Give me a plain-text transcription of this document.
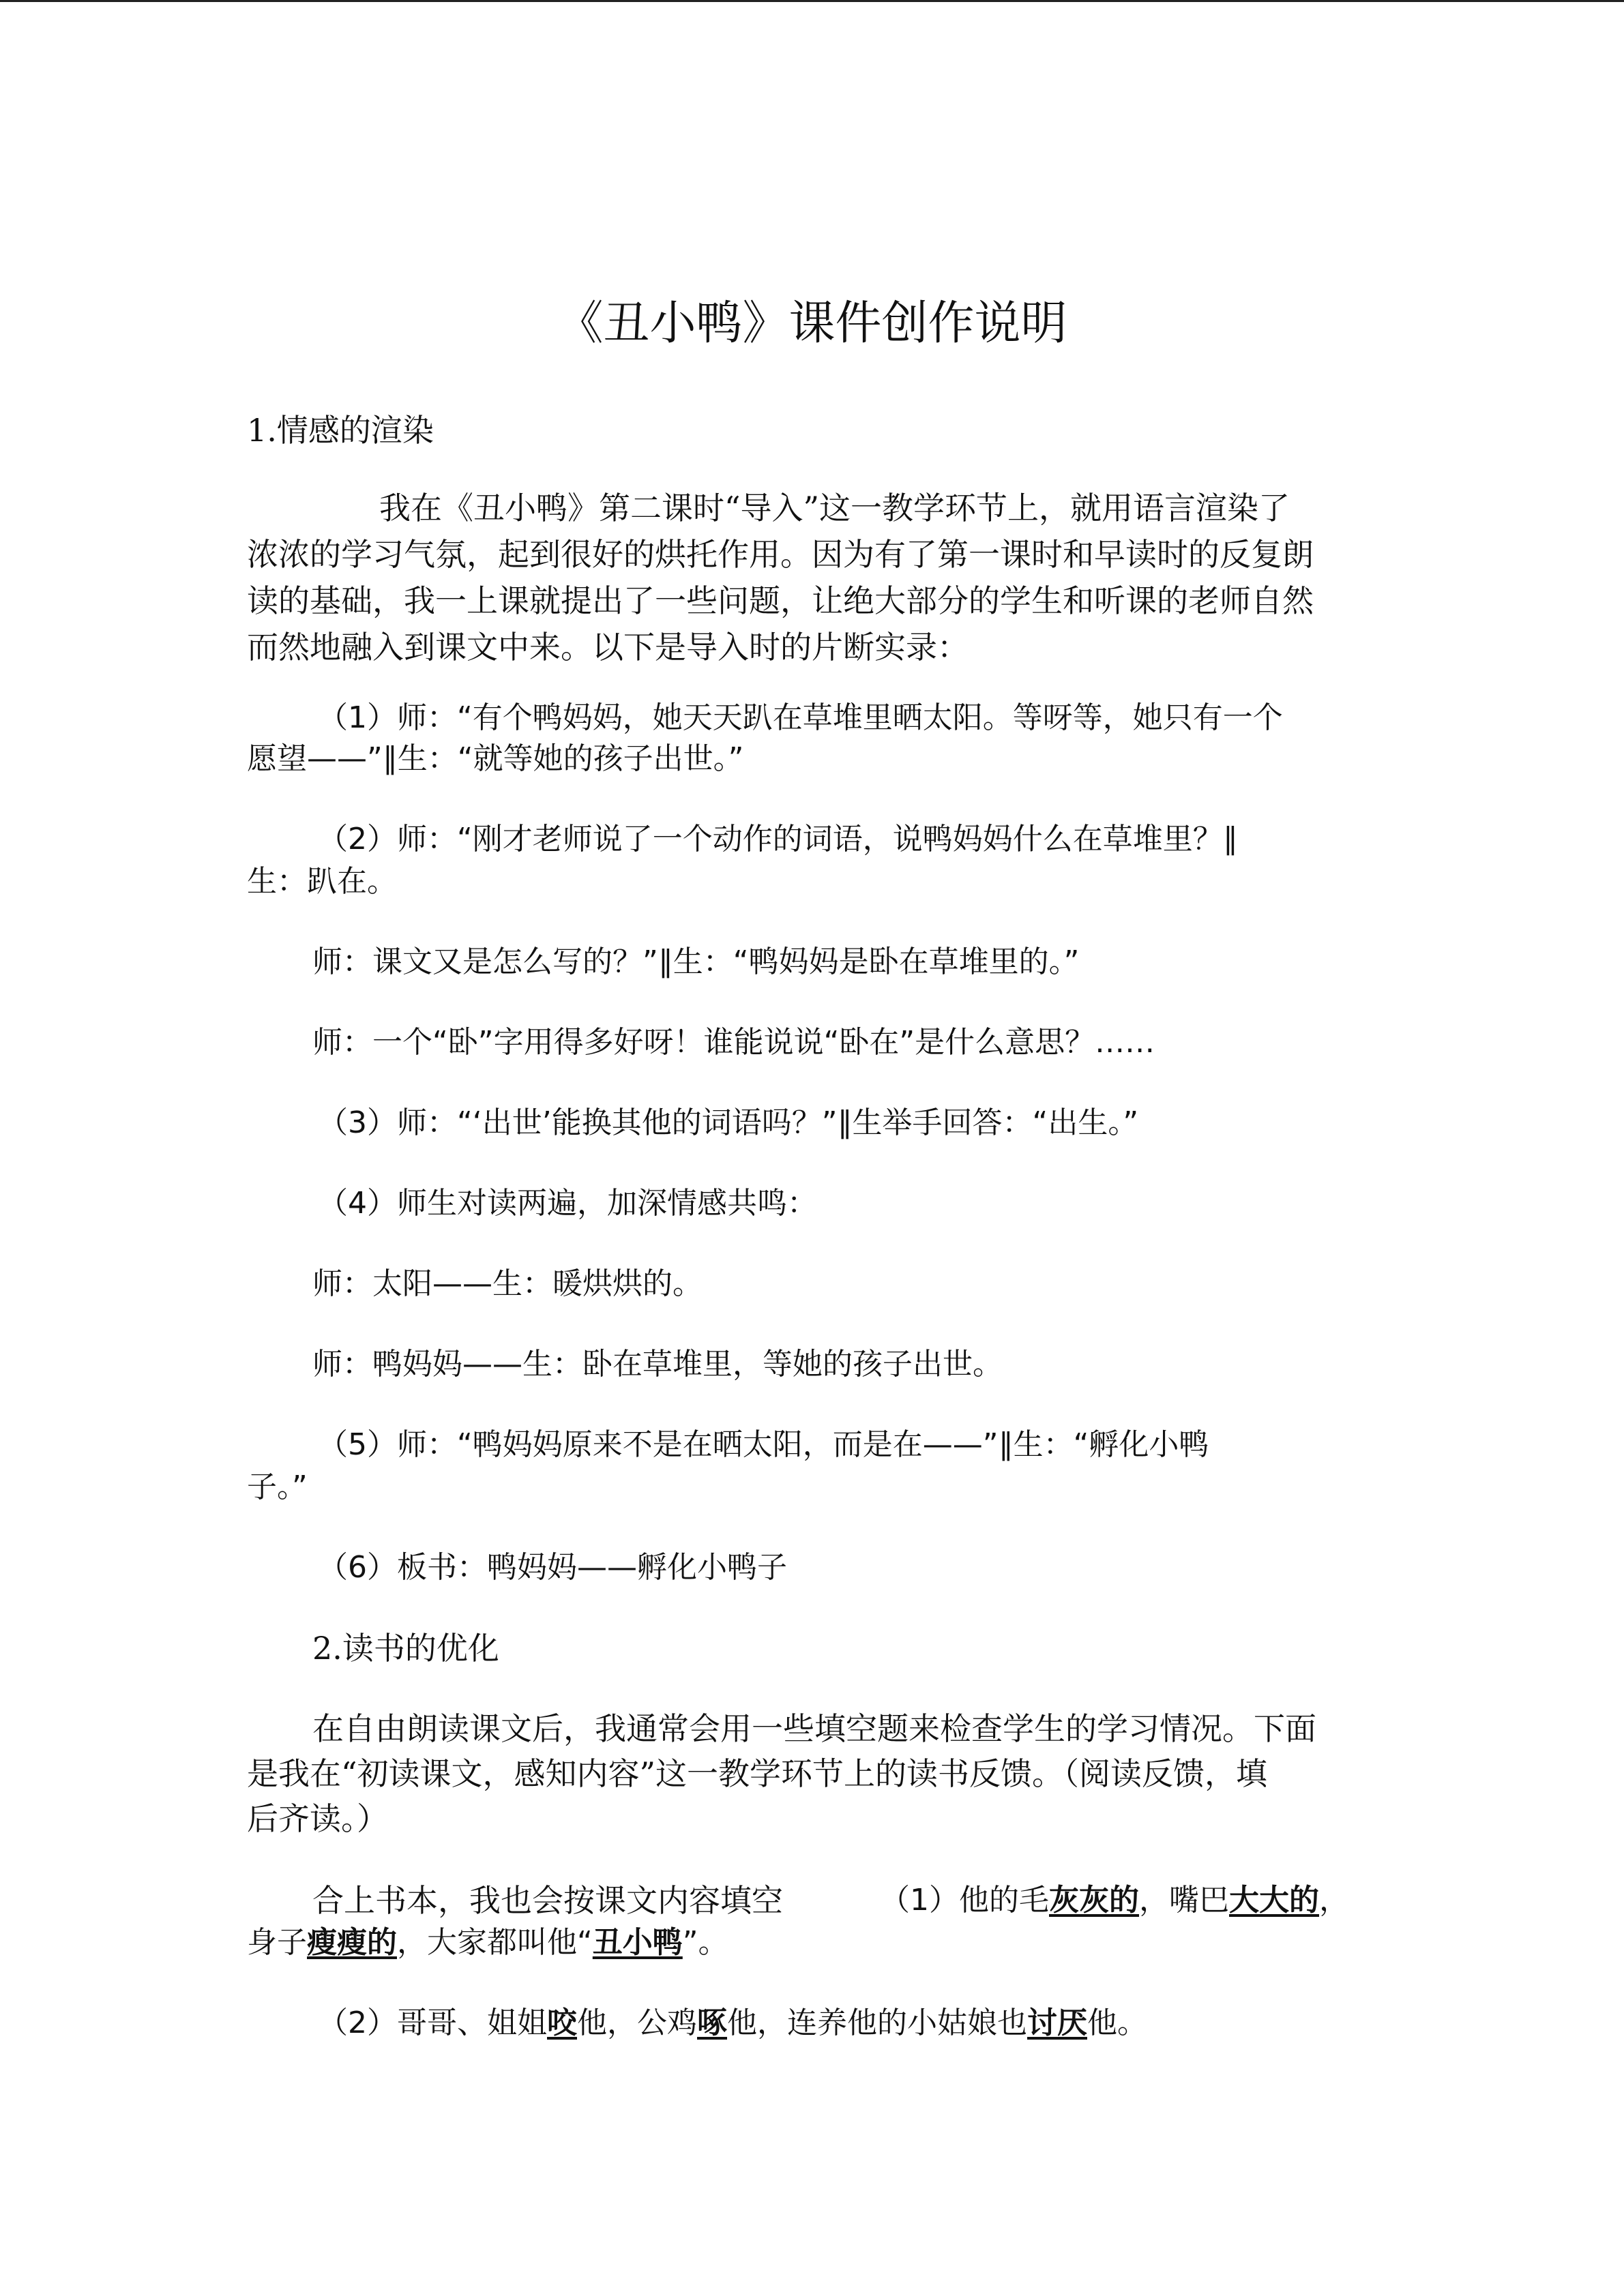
《丑小鸭》课件创作说明
1.情感的渲染
我在《丑小鸭》第二课时“导入”这一教学环节上，就用语言渲染了
浓浓的学习气氛，起到很好的烘托作用。因为有了第一课时和早读时的反复朗
读的基础，我一上课就提出了一些问题，让绝大部分的学生和听课的老师自然
而然地融入到课文中来。以下是导入时的片断实录：
（1）师：“有个鸭妈妈，她天天趴在草堆里晒太阳。等呀等，她只有一个
愿望——”∥生：“就等她的孩子出世。”
（2）师：“刚才老师说了一个动作的词语，说鸭妈妈什么在草堆里？∥
生：趴在。
师：课文又是怎么写的？”∥生：“鸭妈妈是卧在草堆里的。”
师：一个“卧”字用得多好呀！谁能说说“卧在”是什么意思？……
（3）师：“‘出世’能换其他的词语吗？”∥生举手回答：“出生。”
（4）师生对读两遍，加深情感共鸣：
师：太阳——生：暖烘烘的。
师：鸭妈妈——生：卧在草堆里，等她的孩子出世。
（5）师：“鸭妈妈原来不是在晒太阳，而是在——”∥生：“孵化小鸭
子。”
（6）板书：鸭妈妈——孵化小鸭子
2.读书的优化
在自由朗读课文后，我通常会用一些填空题来检查学生的学习情况。下面
是我在“初读课文，感知内容”这一教学环节上的读书反馈。（阅读反馈，填
后齐读。）
合上书本，我也会按课文内容填空	（1）他的毛灰灰的，嘴巴大大的，
身子瘦瘦的，大家都叫他“丑小鸭”。
（2）哥哥、姐姐咬他，公鸡啄他，连养他的小姑娘也讨厌他。
